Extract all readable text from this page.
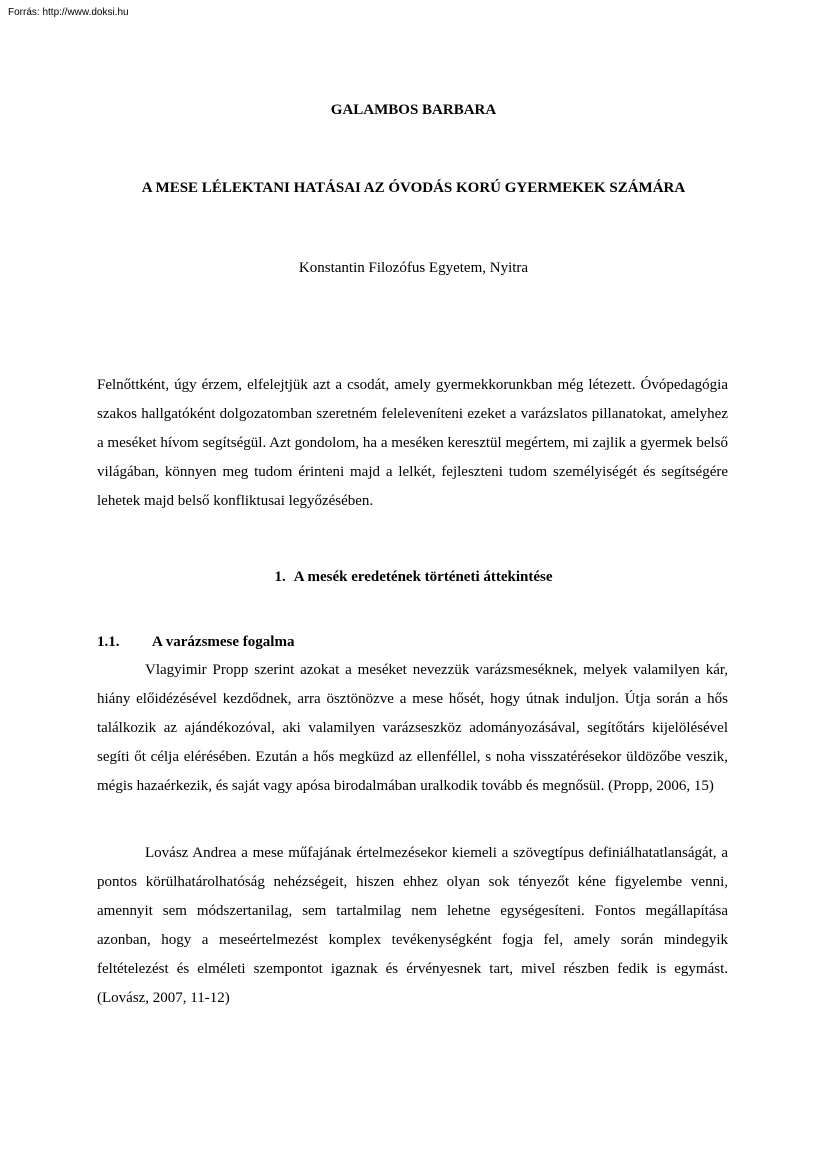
Forrás: http://www.doksi.hu
GALAMBOS BARBARA
A MESE LÉLEKTANI HATÁSAI AZ ÓVODÁS KORÚ GYERMEKEK SZÁMÁRA
Konstantin Filozófus Egyetem, Nyitra

Felnőttként, úgy érzem, elfelejtjük azt a csodát, amely gyermekkorunkban még létezett. Óvópedagógia szakos hallgatóként dolgozatomban szeretném feleleveníteni ezeket a varázslatos pillanatokat, amelyhez a meséket hívom segítségül. Azt gondolom, ha a meséken keresztül megértem, mi zajlik a gyermek belső világában, könnyen meg tudom érinteni majd a lelkét, fejleszteni tudom személyiségét és segítségére lehetek majd belső konfliktusai legyőzésében.

1. A mesék eredetének történeti áttekintése
1.1. A varázsmese fogalma

Vlagyimir Propp szerint azokat a meséket nevezzük varázsmeséknek, melyek valamilyen kár, hiány előidézésével kezdődnek, arra ösztönözve a mese hősét, hogy útnak induljon. Útja során a hős találkozik az ajándékozóval, aki valamilyen varázseszköz adományozásával, segítőtárs kijelölésével segíti őt célja elérésében. Ezután a hős megküzd az ellenféllel, s noha visszatérésekor üldözőbe veszik, mégis hazaérkezik, és saját vagy apósa birodalmában uralkodik tovább és megnősül. (Propp, 2006, 15)

Lovász Andrea a mese műfajának értelmezésekor kiemeli a szövegtípus definiálhatatlanságát, a pontos körülhatárolhatóság nehézségeit, hiszen ehhez olyan sok tényezőt kéne figyelembe venni, amennyit sem módszertanilag, sem tartalmilag nem lehetne egységesíteni. Fontos megállapítása azonban, hogy a meseértelmezést komplex tevékenységként fogja fel, amely során mindegyik feltételezést és elméleti szempontot igaznak és érvényesnek tart, mivel részben fedik is egymást. (Lovász, 2007, 11-12)
